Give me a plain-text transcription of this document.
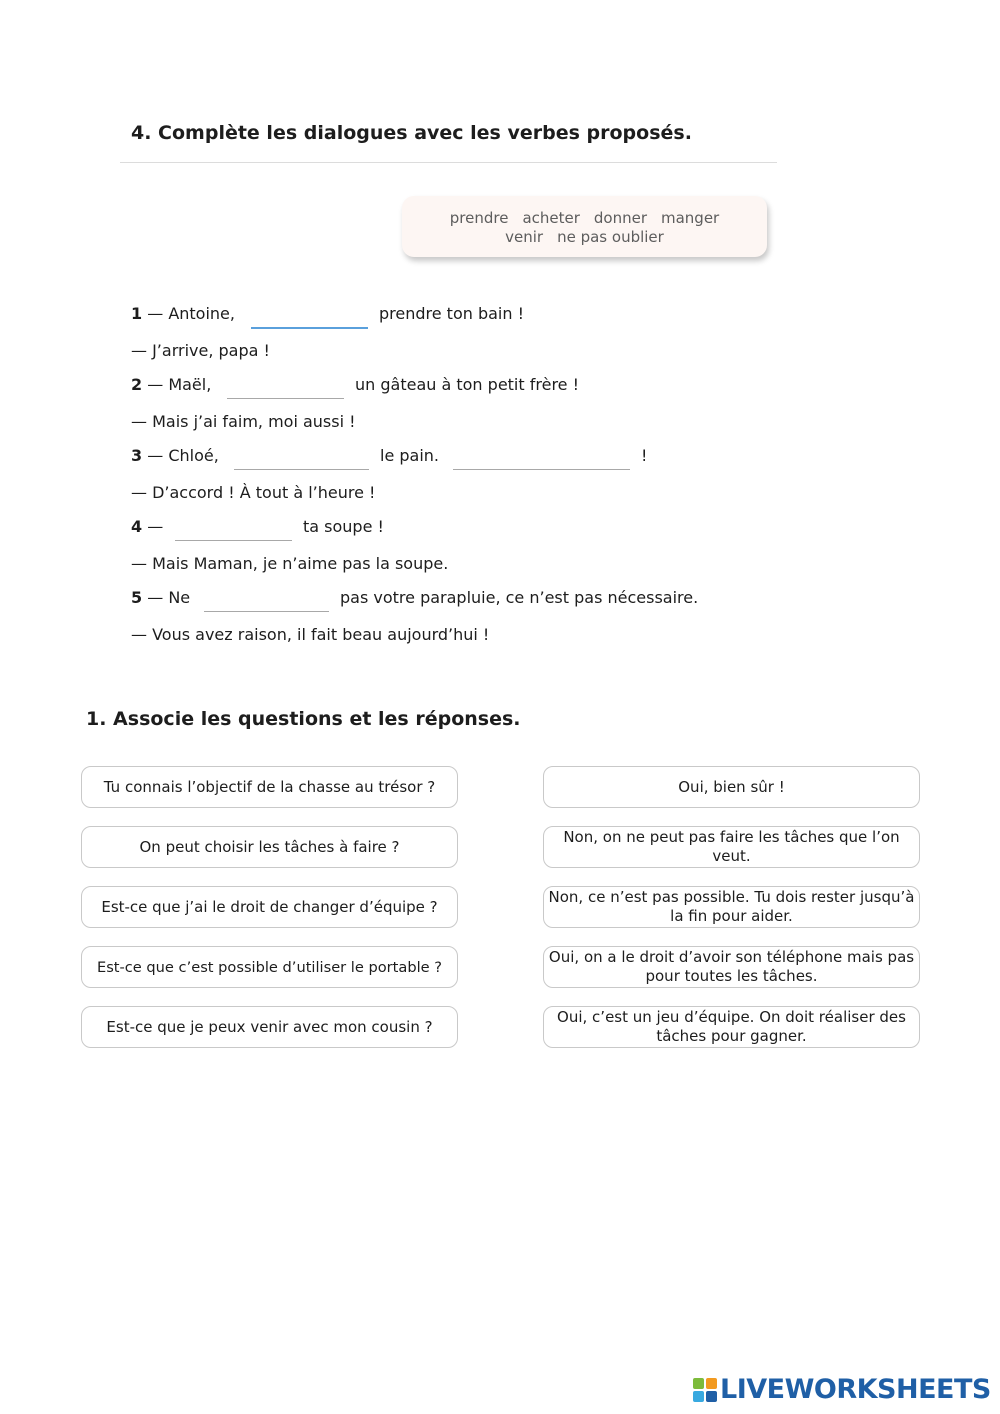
4. Complète les dialogues avec les verbes proposés.
prendre acheter donner manger
venir ne pas oublier
1 — Antoine,	prendre ton bain !
— J’arrive, papa !
2 — Maël,	un gâteau à ton petit frère !
— Mais j’ai faim, moi aussi !
3 — Chloé,	le pain.	!
— D’accord ! À tout à l’heure !
4 —	ta soupe !
— Mais Maman, je n’aime pas la soupe.
5 — Ne	pas votre parapluie, ce n’est pas nécessaire.
— Vous avez raison, il fait beau aujourd’hui !
1. Associe les questions et les réponses.
Tu connais l’objectif de la chasse au trésor ?
On peut choisir les tâches à faire ?
Est-ce que j’ai le droit de changer d’équipe ?
Est-ce que c’est possible d’utiliser le portable ?
Est-ce que je peux venir avec mon cousin ?
Oui, bien sûr !
Non, on ne peut pas faire les tâches que l’on veut.
Non, ce n’est pas possible. Tu dois rester jusqu’à la fin pour aider.
Oui, on a le droit d’avoir son téléphone mais pas pour toutes les tâches.
Oui, c’est un jeu d’équipe. On doit réaliser des tâches pour gagner.
LIVEWORKSHEETS
